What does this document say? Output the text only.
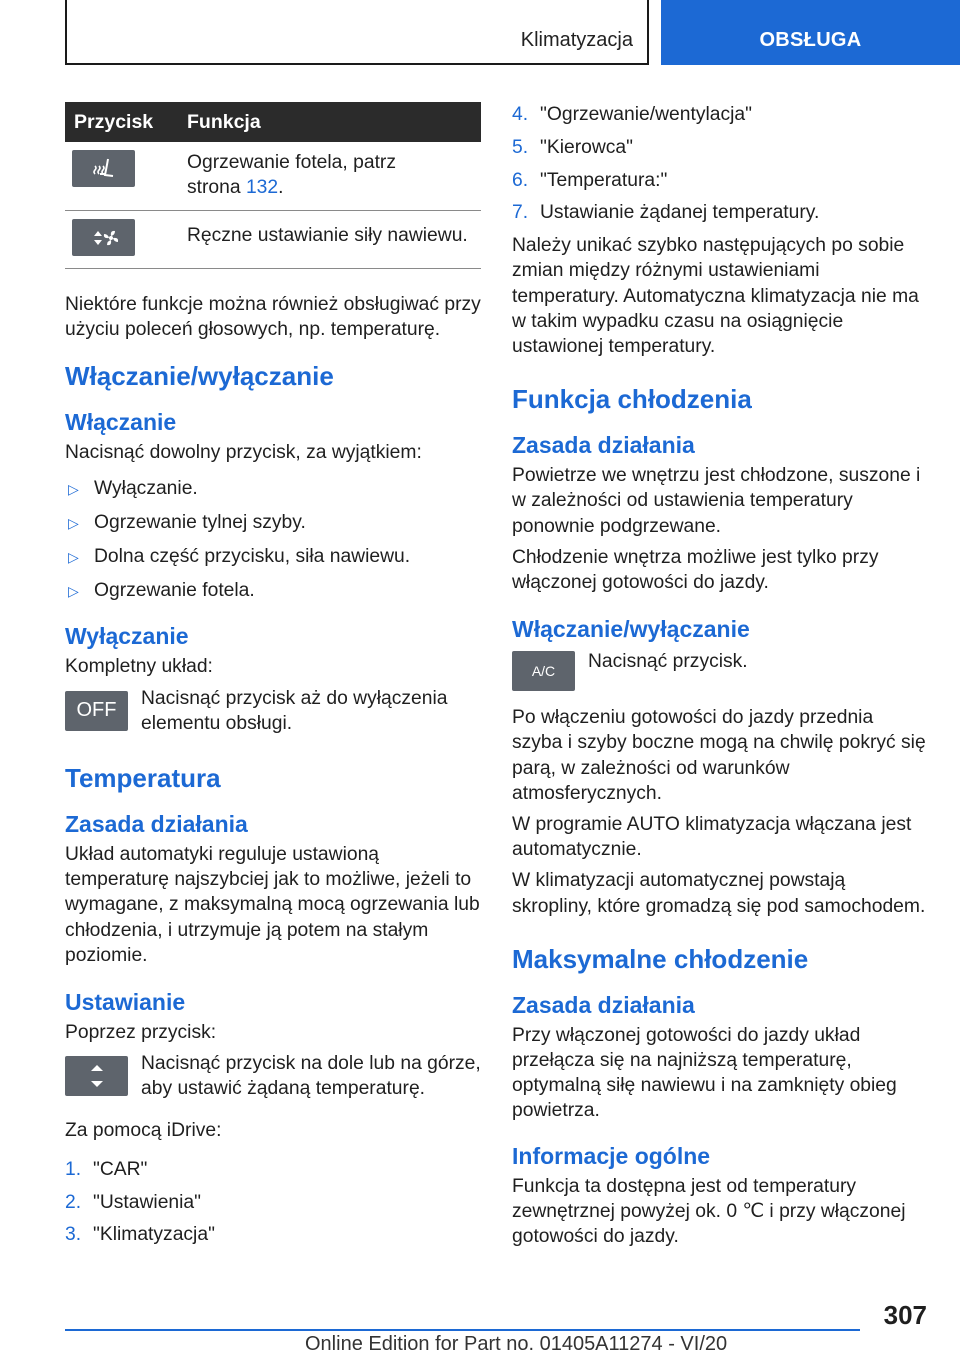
Klimatyzacja	OBSŁUGA
Przycisk	Funkcja

	Ogrzewanie fotela, patrz strona 132.

	Ręczne ustawianie siły nawiewu.

Niektóre funkcje można również obsługiwać przy użyciu poleceń głosowych, np. temperaturę.

Włączanie/wyłączanie
Włączanie

Nacisnąć dowolny przycisk, za wyjątkiem:

▷ Wyłączanie.
▷ Ogrzewanie tylnej szyby.
▷ Dolna część przycisku, siła nawiewu.
▷ Ogrzewanie fotela.
Wyłączanie

Kompletny układ:

OFF
Nacisnąć przycisk aż do wyłączenia elementu obsługi.
Temperatura
Zasada działania

Układ automatyki reguluje ustawioną temperaturę najszybciej jak to możliwe, jeżeli to wymagane, z maksymalną mocą ogrzewania lub chłodzenia, i utrzymuje ją potem na stałym poziomie.

Ustawianie

Poprzez przycisk:

Nacisnąć przycisk na dole lub na górze, aby ustawić żądaną temperaturę.

Za pomocą iDrive:

1. "CAR"
2. "Ustawienia"
3. "Klimatyzacja"
4. "Ogrzewanie/wentylacja"
5. "Kierowca"
6. "Temperatura:"
7. Ustawianie żądanej temperatury.

Należy unikać szybko następujących po sobie zmian między różnymi ustawieniami temperatury. Automatyczna klimatyzacja nie ma w takim wypadku czasu na osiągnięcie ustawionej temperatury.

Funkcja chłodzenia
Zasada działania

Powietrze we wnętrzu jest chłodzone, suszone i w zależności od ustawienia temperatury ponownie podgrzewane.

Chłodzenie wnętrza możliwe jest tylko przy włączonej gotowości do jazdy.

Włączanie/wyłączanie
A/C	Nacisnąć przycisk.

Po włączeniu gotowości do jazdy przednia szyba i szyby boczne mogą na chwilę pokryć się parą, w zależności od warunków atmosferycznych.

W programie AUTO klimatyzacja włączana jest automatycznie.

W klimatyzacji automatycznej powstają skropliny, które gromadzą się pod samochodem.

Maksymalne chłodzenie
Zasada działania

Przy włączonej gotowości do jazdy układ przełącza się na najniższą temperaturę, optymalną siłę nawiewu i na zamknięty obieg powietrza.

Informacje ogólne

Funkcja ta dostępna jest od temperatury zewnętrznej powyżej ok. 0 ℃ i przy włączonej gotowości do jazdy.

307
Online Edition for Part no. 01405A11274 - VI/20
